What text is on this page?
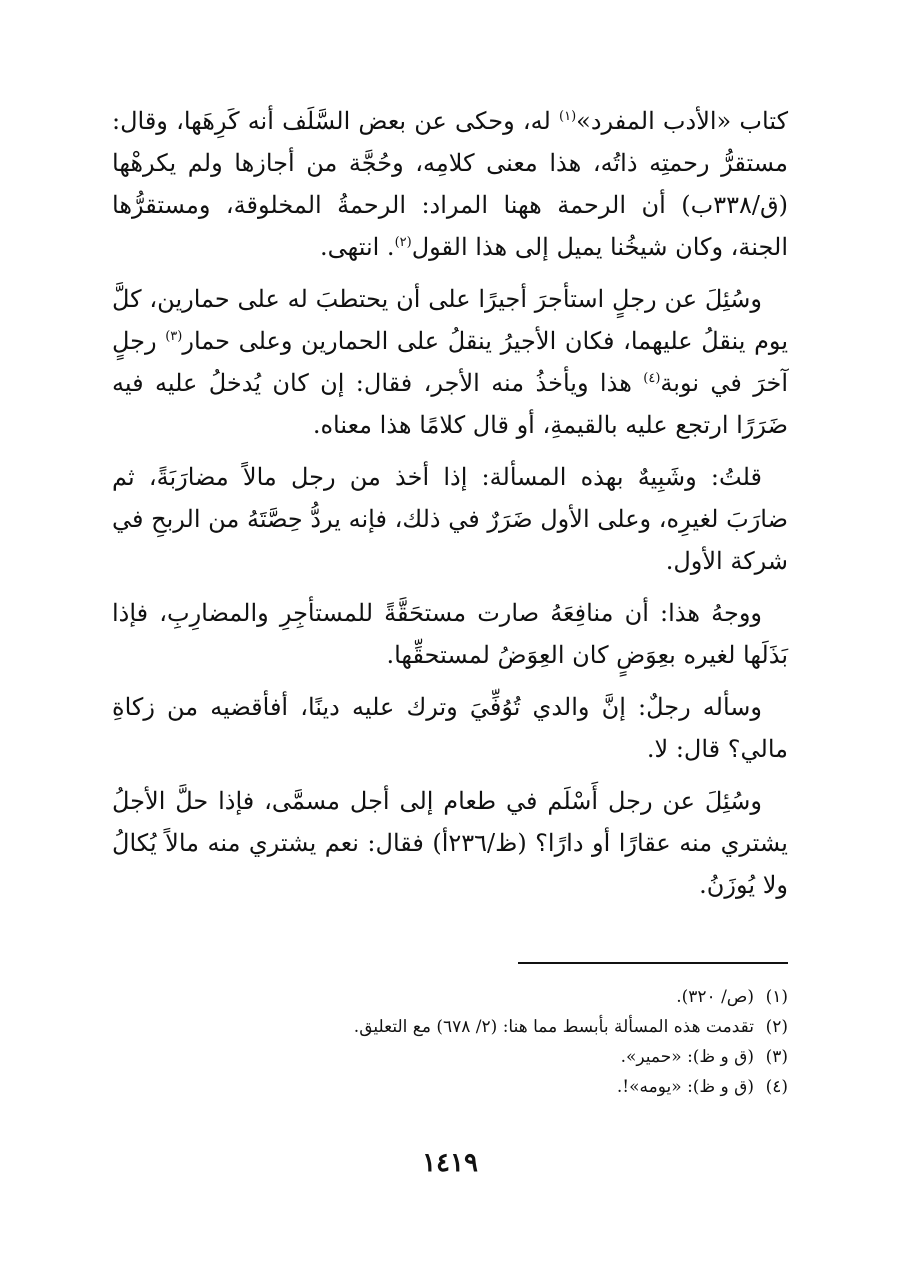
كتاب «الأدب المفرد»$^{(١)}$ له، وحكى عن بعض السَّلَف أنه كَرِهَها، وقال: مستقرُّ رحمتِه ذاتُه، هذا معنى كلامِه، وحُجَّة من أجازها ولم يكرهْها (ق/٣٣٨ب) أن الرحمة ههنا المراد: الرحمةُ المخلوقة، ومستقرُّها الجنة، وكان شيخُنا يميل إلى هذا القول$^{(٢)}$. انتهى.

وسُئِلَ عن رجلٍ استأجرَ أجيرًا على أن يحتطبَ له على حمارين، كلَّ يوم ينقلُ عليهما، فكان الأجيرُ ينقلُ على الحمارين وعلى حمار$^{(٣)}$ رجلٍ آخرَ في نوبة$^{(٤)}$ هذا ويأخذُ منه الأجر، فقال: إن كان يُدخلُ عليه فيه ضَرَرًا ارتجع عليه بالقيمةِ، أو قال كلامًا هذا معناه.

قلتُ: وشَبِيهٌ بهذه المسألة: إذا أخذ من رجل مالاً مضارَبَةً، ثم ضارَبَ لغيرِه، وعلى الأول ضَرَرٌ في ذلك، فإنه يردُّ حِصَّتَهُ من الربحِ في شركة الأول.

ووجهُ هذا: أن منافِعَهُ صارت مستحَقَّةً للمستأجِرِ والمضارِبِ، فإذا بَذَلَها لغيره بعِوَضٍ كان العِوَضُ لمستحقِّها.

وسأله رجلٌ: إنَّ والدي تُوُفِّيَ وترك عليه دينًا، أفأقضيه من زكاةِ مالي؟ قال: لا.

وسُئِلَ عن رجل أَسْلَم في طعام إلى أجل مسمَّى، فإذا حلَّ الأجلُ يشتري منه عقارًا أو دارًا؟ (ظ/٢٣٦أ) فقال: نعم يشتري منه مالاً يُكالُ ولا يُوزَنُ.

(١)(ص/ ٣٢٠).

(٢)تقدمت هذه المسألة بأبسط مما هنا: (٢/ ٦٧٨) مع التعليق.

(٣)(ق و ظ): «حمير».

(٤)(ق و ظ): «يومه»!.

١٤١٩
